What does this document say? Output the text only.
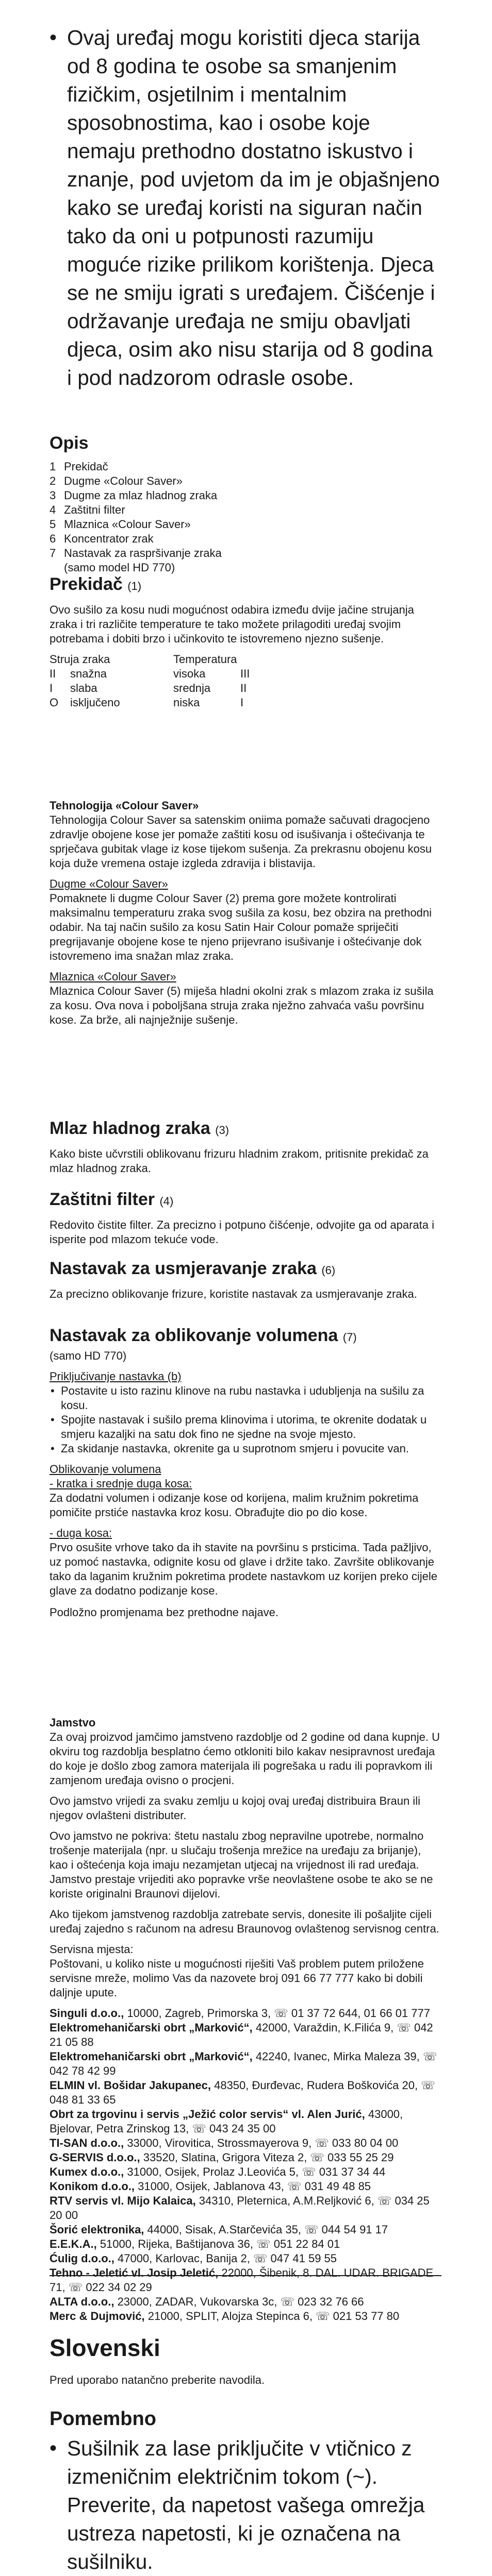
• Ovaj uređaj mogu koristiti djeca starija od 8 godina te osobe sa smanjenim fizičkim, osjetilnim i mentalnim sposobnostima, kao i osobe koje nemaju prethodno dostatno iskustvo i znanje, pod uvjetom da im je objašnjeno kako se uređaj koristi na siguran način tako da oni u potpunosti razumiju moguće rizike prilikom korištenja. Djeca se ne smiju igrati s uređajem. Čišćenje i održavanje uređaja ne smiju obavljati djeca, osim ako nisu starija od 8 godina i pod nadzorom odrasle osobe.
Opis
1 Prekidač
2 Dugme «Colour Saver»
3 Dugme za mlaz hladnog zraka
4 Zaštitni filter
5 Mlaznica «Colour Saver»
6 Koncentrator zrak
7 Nastavak za raspršivanje zraka
(samo model HD 770)
Prekidač (1)

Ovo sušilo za kosu nudi mogućnost odabira između dvije jačine strujanja zraka i tri različite temperature te tako možete prilagoditi uređaj svojim potrebama i dobiti brzo i učinkovito te istovremeno njezno sušenje.

Struja zraka		Temperatura	
II	snažna	visoka	III
I	slaba	srednja	II
O	isključeno	niska	I
Tehnologija «Colour Saver»

Tehnologija Colour Saver sa satenskim oniima pomaže sačuvati dragocjeno zdravlje obojene kose jer pomaže zaštiti kosu od isušivanja i oštećivanja te sprječava gubitak vlage iz kose tijekom sušenja. Za prekrasnu obojenu kosu koja duže vremena ostaje izgleda zdravija i blistavija.

Dugme «Colour Saver»

Pomaknete li dugme Colour Saver (2) prema gore možete kontrolirati maksimalnu temperaturu zraka svog sušila za kosu, bez obzira na prethodni odabir. Na taj način sušilo za kosu Satin Hair Colour pomaže spriječiti pregrijavanje obojene kose te njeno prijevrano isušivanje i oštećivanje dok istovremeno ima snažan mlaz zraka.

Mlaznica «Colour Saver»

Mlaznica Colour Saver (5) miješa hladni okolni zrak s mlazom zraka iz sušila za kosu. Ova nova i poboljšana struja zraka nježno zahvaća vašu površinu kose. Za brže, ali najnježnije sušenje.

Mlaz hladnog zraka (3)

Kako biste učvrstili oblikovanu frizuru hladnim zrakom, pritisnite prekidač za mlaz hladnog zraka.

Zaštitni filter (4)

Redovito čistite filter. Za precizno i potpuno čišćenje, odvojite ga od aparata i isperite pod mlazom tekuće vode.

Nastavak za usmjeravanje zraka (6)

Za precizno oblikovanje frizure, koristite nastavak za usmjeravanje zraka.

Nastavak za oblikovanje volumena (7)

(samo HD 770)

Priključivanje nastavka (b)
• Postavite u isto razinu klinove na rubu nastavka i udubljenja na sušilu za kosu.
• Spojite nastavak i sušilo prema klinovima i utorima, te okrenite dodatak u smjeru kazaljki na satu dok fino ne sjedne na svoje mjesto.
• Za skidanje nastavka, okrenite ga u suprotnom smjeru i povucite van.
Oblikovanje volumena
- kratka i srednje duga kosa:

Za dodatni volumen i odizanje kose od korijena, malim kružnim pokretima pomičite prstiće nastavka kroz kosu. Obrađujte dio po dio kose.

- duga kosa:

Prvo osušite vrhove tako da ih stavite na površinu s prsticima. Tada pažljivo, uz pomoć nastavka, odignite kosu od glave i držite tako. Završite oblikovanje tako da laganim kružnim pokretima prodete nastavkom uz korijen preko cijele glave za dodatno podizanje kose.

Podložno promjenama bez prethodne najave.

Jamstvo

Za ovaj proizvod jamčimo jamstveno razdoblje od 2 godine od dana kupnje. U okviru tog razdoblja besplatno ćemo otkloniti bilo kakav nesipravnost uređaja do koje je došlo zbog zamora materijala ili pogrešaka u radu ili popravkom ili zamjenom uređaja ovisno o procjeni.

Ovo jamstvo vrijedi za svaku zemlju u kojoj ovaj uređaj distribuira Braun ili njegov ovlašteni distributer.

Ovo jamstvo ne pokriva: štetu nastalu zbog nepravilne upotrebe, normalno trošenje materijala (npr. u slučaju trošenja mrežice na uređaju za brijanje), kao i oštećenja koja imaju nezamjetan utjecaj na vrijednost ili rad uređaja. Jamstvo prestaje vrijediti ako popravke vrše neovlaštene osobe te ako se ne koriste originalni Braunovi dijelovi.

Ako tijekom jamstvenog razdoblja zatrebate servis, donesite ili pošaljite cijeli uređaj zajedno s računom na adresu Braunovog ovlaštenog servisnog centra.

Servisna mjesta:

Poštovani, u koliko niste u mogućnosti riješiti Vaš problem putem priložene servisne mreže, molimo Vas da nazovete broj 091 66 77 777 kako bi dobili daljnje upute.

Singuli d.o.o., 10000, Zagreb, Primorska 3, ☏ 01 37 72 644, 01 66 01 777

Elektromehaničarski obrt „Marković“, 42000, Varaždin, K.Filića 9, ☏ 042 21 05 88

Elektromehaničarski obrt „Marković“, 42240, Ivanec, Mirka Maleza 39, ☏ 042 78 42 99

ELMIN vl. Bošidar Jakupanec, 48350, Đurđevac, Rudera Boškovića 20, ☏ 048 81 33 65

Obrt za trgovinu i servis „Ježić color servis“ vl. Alen Jurić, 43000, Bjelovar, Petra Zrinskog 13, ☏ 043 24 35 00

TI-SAN d.o.o., 33000, Virovitica, Strossmayerova 9, ☏ 033 80 04 00

G-SERVIS d.o.o., 33520, Slatina, Grigora Viteza 2, ☏ 033 55 25 29

Kumex d.o.o., 31000, Osijek, Prolaz J.Leovića 5, ☏ 031 37 34 44

Konikom d.o.o., 31000, Osijek, Jablanova 43, ☏ 031 49 48 85

RTV servis vl. Mijo Kalaica, 34310, Pleternica, A.M.Reljković 6, ☏ 034 25 20 00

Šorić elektronika, 44000, Sisak, A.Starčevića 35, ☏ 044 54 91 17

E.E.K.A., 51000, Rijeka, Baštijanova 36, ☏ 051 22 84 01

Ćulig d.o.o., 47000, Karlovac, Banija 2, ☏ 047 41 59 55

Tehno - Jeletić vl. Josip Jeletić, 22000, Šibenik, 8. DAL. UDAR. BRIGADE 71, ☏ 022 34 02 29

ALTA d.o.o., 23000, ZADAR, Vukovarska 3c, ☏ 023 32 76 66

Merc & Dujmović, 21000, SPLIT, Alojza Stepinca 6, ☏ 021 53 77 80

Slovenski

Pred uporabo natančno preberite navodila.

Pomembno
• Sušilnik za lase priključite v vtičnico z izmeničnim električnim tokom (~). Preverite, da napetost vašega omrežja ustreza napetosti, ki je označena na sušilniku.
